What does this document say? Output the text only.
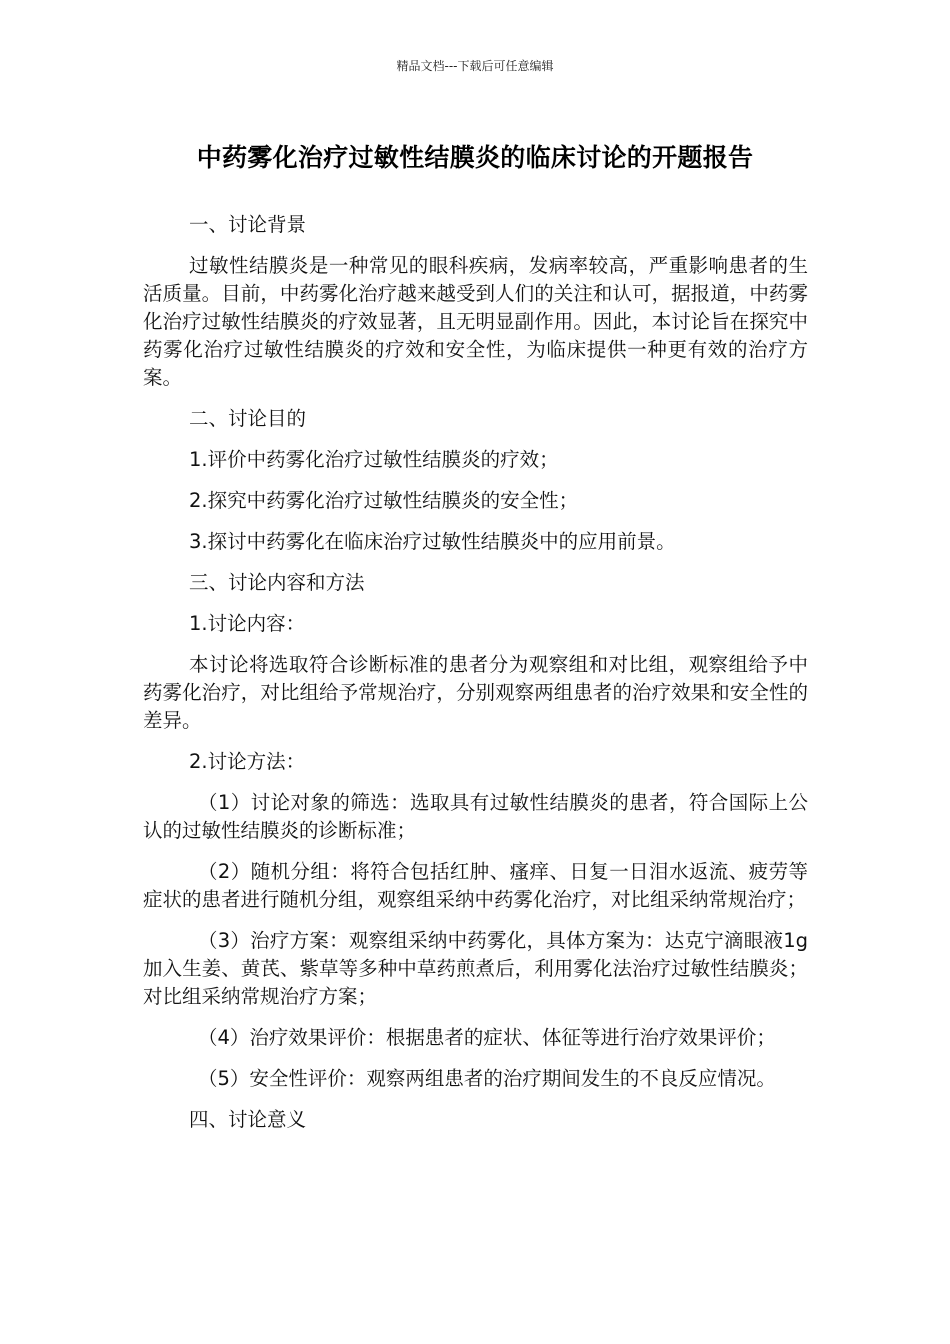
精品文档---下载后可任意编辑
中药雾化治疗过敏性结膜炎的临床讨论的开题报告

一、讨论背景

过敏性结膜炎是一种常见的眼科疾病，发病率较高，严重影响患者的生活质量。目前，中药雾化治疗越来越受到人们的关注和认可，据报道，中药雾化治疗过敏性结膜炎的疗效显著，且无明显副作用。因此，本讨论旨在探究中药雾化治疗过敏性结膜炎的疗效和安全性，为临床提供一种更有效的治疗方案。

二、讨论目的

1.评价中药雾化治疗过敏性结膜炎的疗效；

2.探究中药雾化治疗过敏性结膜炎的安全性；

3.探讨中药雾化在临床治疗过敏性结膜炎中的应用前景。

三、讨论内容和方法

1.讨论内容：

本讨论将选取符合诊断标准的患者分为观察组和对比组，观察组给予中药雾化治疗，对比组给予常规治疗，分别观察两组患者的治疗效果和安全性的差异。

2.讨论方法：

（1）讨论对象的筛选：选取具有过敏性结膜炎的患者，符合国际上公认的过敏性结膜炎的诊断标准；

（2）随机分组：将符合包括红肿、瘙痒、日复一日泪水返流、疲劳等症状的患者进行随机分组，观察组采纳中药雾化治疗，对比组采纳常规治疗；

（3）治疗方案：观察组采纳中药雾化，具体方案为：达克宁滴眼液1g 加入生姜、黄芪、紫草等多种中草药煎煮后，利用雾化法治疗过敏性结膜炎；对比组采纳常规治疗方案；

（4）治疗效果评价：根据患者的症状、体征等进行治疗效果评价；

（5）安全性评价：观察两组患者的治疗期间发生的不良反应情况。

四、讨论意义
